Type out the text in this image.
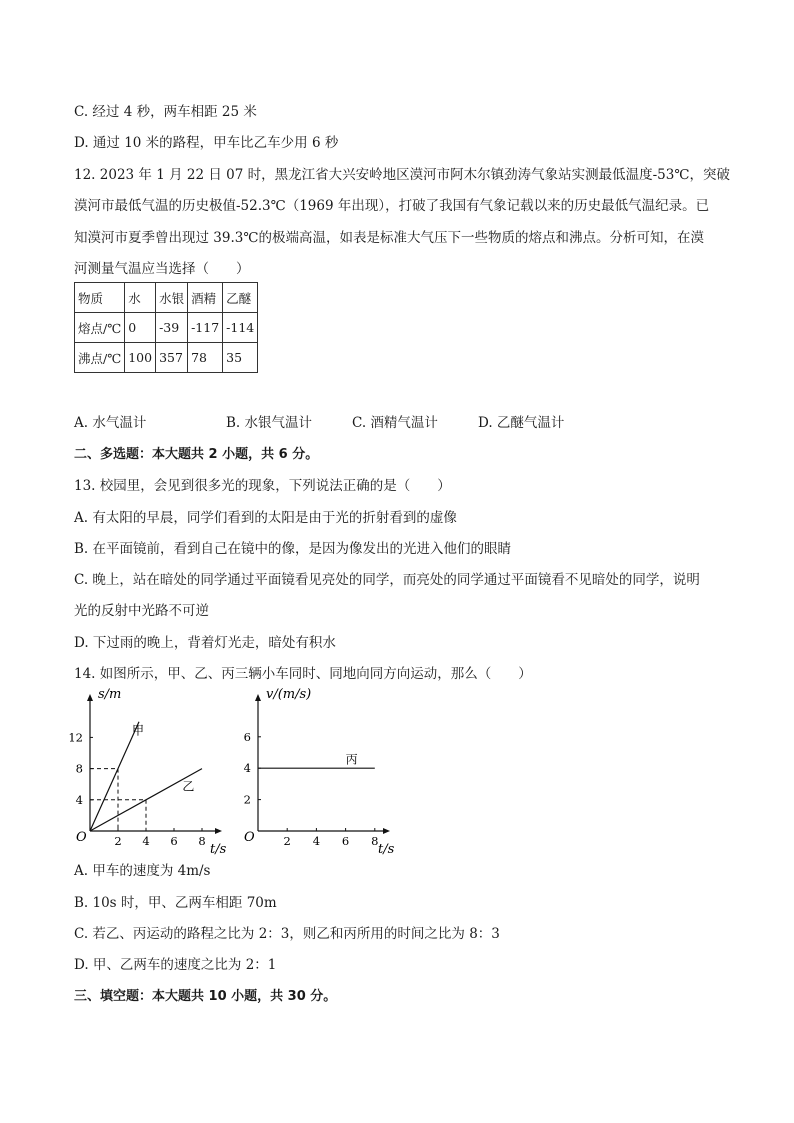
C. 经过 4 秒，两车相距 25 米
D. 通过 10 米的路程，甲车比乙车少用 6 秒
12. 2023 年 1 月 22 日 07 时，黑龙江省大兴安岭地区漠河市阿木尔镇劲涛气象站实测最低温度-53℃，突破
漠河市最低气温的历史极值-52.3℃（1969 年出现），打破了我国有气象记载以来的历史最低气温纪录。已
知漠河市夏季曾出现过 39.3℃的极端高温，如表是标准大气压下一些物质的熔点和沸点。分析可知，在漠
河测量气温应当选择（　　）
物质	水	水银	酒精	乙醚
熔点/℃	0	-39	-117	-114
沸点/℃	100	357	78	35
A. 水气温计	B. 水银气温计	C. 酒精气温计	D. 乙醚气温计
二、多选题：本大题共 2 小题，共 6 分。
13. 校园里，会见到很多光的现象，下列说法正确的是（　　）
A. 有太阳的早晨，同学们看到的太阳是由于光的折射看到的虚像
B. 在平面镜前，看到自己在镜中的像，是因为像发出的光进入他们的眼睛
C. 晚上，站在暗处的同学通过平面镜看见亮处的同学，而亮处的同学通过平面镜看不见暗处的同学，说明
光的反射中光路不可逆
D. 下过雨的晚上，背着灯光走，暗处有积水
14. 如图所示，甲、乙、丙三辆小车同时、同地向同方向运动，那么（　　）
s/m
t/s
O 2 4 6 8
4
8
12
甲
乙
v/(m/s)
t/s
O	2 4 6 8
2
4
6
丙
A. 甲车的速度为 4m/s
B. 10s 时，甲、乙两车相距 70m
C. 若乙、丙运动的路程之比为 2：3，则乙和丙所用的时间之比为 8：3
D. 甲、乙两车的速度之比为 2：1
三、填空题：本大题共 10 小题，共 30 分。
